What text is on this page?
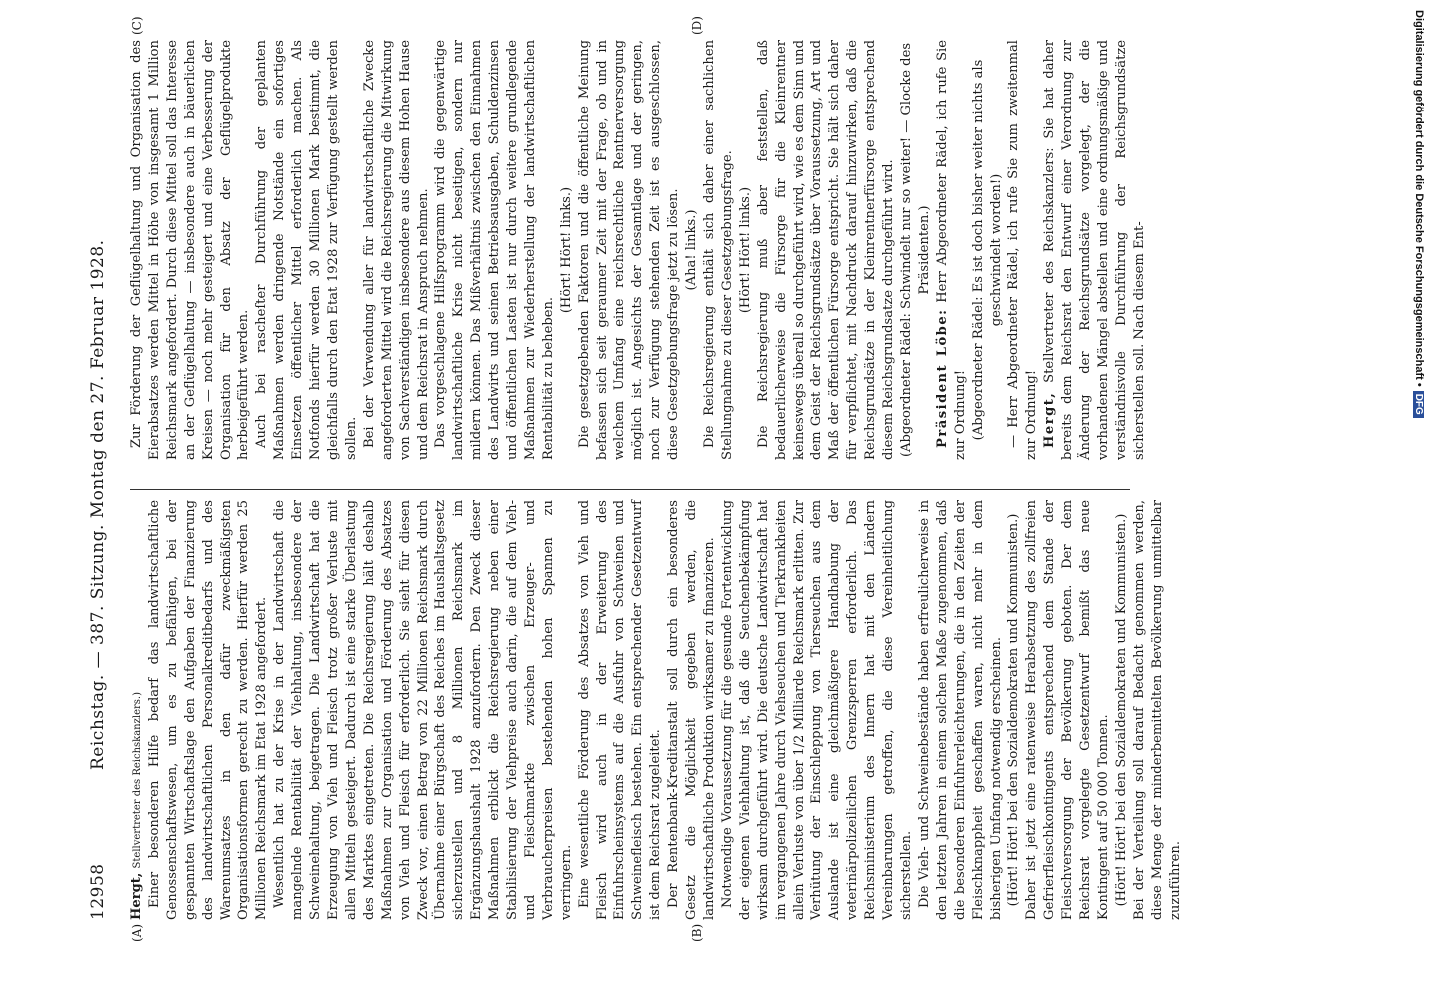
Digitalisierung gefördert durch die Deutsche Forschungsgemeinschaft •DFG
12958
Reichstag. — 387. Sitzung. Montag den 27. Februar 1928.
(A)	(B)
(C)	(D)

Hergt, Stellvertreter des Reichskanzlers.) Einer besonderen Hilfe bedarf das landwirtschaftliche Genossenschaftswesen, um es zu befähigen, bei der gespannten Wirtschaftslage den Aufgaben der Finanzierung des landwirtschaftlichen Personalkreditbedarfs und des Warenumsatzes in den dafür zweckmäßigsten Organisationsformen gerecht zu werden. Hierfür werden 25 Millionen Reichsmark im Etat 1928 angefordert. Wesentlich hat zu der Krise in der Landwirtschaft die mangelnde Rentabilität der Viehhaltung, insbesondere der Schweinehaltung, beigetragen. Die Landwirtschaft hat die Erzeugung von Vieh und Fleisch trotz großer Verluste mit allen Mitteln gesteigert. Dadurch ist eine starke Überlastung des Marktes eingetreten. Die Reichsregierung hält deshalb Maßnahmen zur Organisation und Förderung des Absatzes von Vieh und Fleisch für erforderlich. Sie sieht für diesen Zweck vor, einen Betrag von 22 Millionen Reichsmark durch Übernahme einer Bürgschaft des Reiches im Haushaltsgesetz sicherzustellen und 8 Millionen Reichsmark im Ergänzungshaushalt 1928 anzufordern. Den Zweck dieser Maßnahmen erblickt die Reichsregierung neben einer Stabilisierung der Viehpreise auch darin, die auf dem Vieh- und Fleischmarkte zwischen Erzeuger- und Verbraucherpreisen bestehenden hohen Spannen zu verringern. Eine wesentliche Förderung des Absatzes von Vieh und Fleisch wird auch in der Erweiterung des Einfuhrscheinsystems auf die Ausfuhr von Schweinen und Schweinefleisch bestehen. Ein entsprechender Gesetzentwurf ist dem Reichsrat zugeleitet. Der Rentenbank-Kreditanstalt soll durch ein besonderes Gesetz die Möglichkeit gegeben werden, die landwirtschaftliche Produktion wirksamer zu finanzieren. Notwendige Voraussetzung für die gesunde Fortentwicklung der eigenen Viehhaltung ist, daß die Seuchenbekämpfung wirksam durchgeführt wird. Die deutsche Landwirtschaft hat im vergangenen Jahre durch Viehseuchen und Tierkrankheiten allein Verluste von über 1/2 Milliarde Reichsmark erlitten. Zur Verhütung der Einschleppung von Tierseuchen aus dem Auslande ist eine gleichmäßigere Handhabung der veterinärpolizeilichen Grenzsperren erforderlich. Das Reichsministerium des Innern hat mit den Ländern Vereinbarungen getroffen, die diese Vereinheitlichung sicherstellen. Die Vieh- und Schweinebestände haben erfreulicherweise in den letzten Jahren in einem solchen Maße zugenommen, daß die besonderen Einfuhrerleichterungen, die in den Zeiten der Fleischknappheit geschaffen waren, nicht mehr in dem bisherigen Umfang notwendig erscheinen. (Hört! Hört! bei den Sozialdemokraten und Kommunisten.) Daher ist jetzt eine ratenweise Herabsetzung des zollfreien Gefrierfleischkontingents entsprechend dem Stande der Fleischversorgung der Bevölkerung geboten. Der dem Reichsrat vorgelegte Gesetzentwurf bemißt das neue Kontingent auf 50 000 Tonnen. (Hört! Hört! bei den Sozialdemokraten und Kommunisten.) Bei der Verteilung soll darauf Bedacht genommen werden, diese Menge der minderbemittelten Bevölkerung unmittelbar zuzuführen.

Zur Förderung der Geflügelhaltung und Organisation des Eierabsatzes werden Mittel in Höhe von insgesamt 1 Million Reichsmark angefordert. Durch diese Mittel soll das Interesse an der Geflügelhaltung — insbesondere auch in bäuerlichen Kreisen — noch mehr gesteigert und eine Verbesserung der Organisation für den Absatz der Geflügelprodukte herbeigeführt werden. Auch bei rascheſter Durchführung der geplanten Maßnahmen werden dringende Notstände ein sofortiges Einsetzen öffentlicher Mittel erforderlich machen. Als Notfonds hierfür werden 30 Millionen Mark bestimmt, die gleichfalls durch den Etat 1928 zur Verfügung gestellt werden sollen. Bei der Verwendung aller für landwirtschaftliche Zwecke angeforderten Mittel wird die Reichsregierung die Mitwirkung von Sachverständigen insbesondere aus diesem Hohen Hause und dem Reichsrat in Anspruch nehmen. Das vorgeschlagene Hilfsprogramm wird die gegenwärtige landwirtschaftliche Krise nicht beseitigen, sondern nur mildern können. Das Mißverhältnis zwischen den Einnahmen des Landwirts und seinen Betriebsausgaben, Schuldenzinsen und öffentlichen Lasten ist nur durch weitere grundlegende Maßnahmen zur Wiederherstellung der landwirtschaftlichen Rentabilität zu beheben.

(Hört! Hört! links.) Die gesetzgebenden Faktoren und die öffentliche Meinung befassen sich seit geraumer Zeit mit der Frage, ob und in welchem Umfang eine reichsrechtliche Rentnerversorgung möglich ist. Angesichts der Gesamtlage und der geringen, noch zur Verfügung stehenden Zeit ist es ausgeschlossen, diese Gesetzgebungsfrage jetzt zu lösen. (Aha! links.) Die Reichsregierung enthält sich daher einer sachlichen Stellungnahme zu dieser Gesetzgebungsfrage. (Hört! Hört! links.) Die Reichsregierung muß aber feststellen, daß bedauerlicherweise die Fürsorge für die Kleinrentner keineswegs überall so durchgeführt wird, wie es dem Sinn und dem Geist der Reichsgrundsätze über Voraussetzung, Art und Maß der öffentlichen Fürsorge entspricht. Sie hält sich daher für verpflichtet, mit Nachdruck darauf hinzuwirken, daß die Reichsgrundsätze in der Kleinrentnerfürsorge entsprechend diesem Reichsgrundsatze durchgeführt wird. (Abgeordneter Rädel: Schwindelt nur so weiter! — Glocke des Präsidenten.)

Präsident Löbe: Herr Abgeordneter Rädel, ich rufe Sie zur Ordnung! (Abgeordneter Rädel: Es ist doch bisher weiter nichts als geschwindelt worden!) — Herr Abgeordneter Rädel, ich rufe Sie zum zweitenmal zur Ordnung! Hergt, Stellvertreter des Reichskanzlers: Sie hat daher bereits dem Reichsrat den Entwurf einer Verordnung zur Änderung der Reichsgrundsätze vorgelegt, der die vorhandenen Mängel abstellen und eine ordnungsmäßige und verständnisvolle Durchführung der Reichsgrundsätze sicherstellen soll. Nach diesem Ent-
